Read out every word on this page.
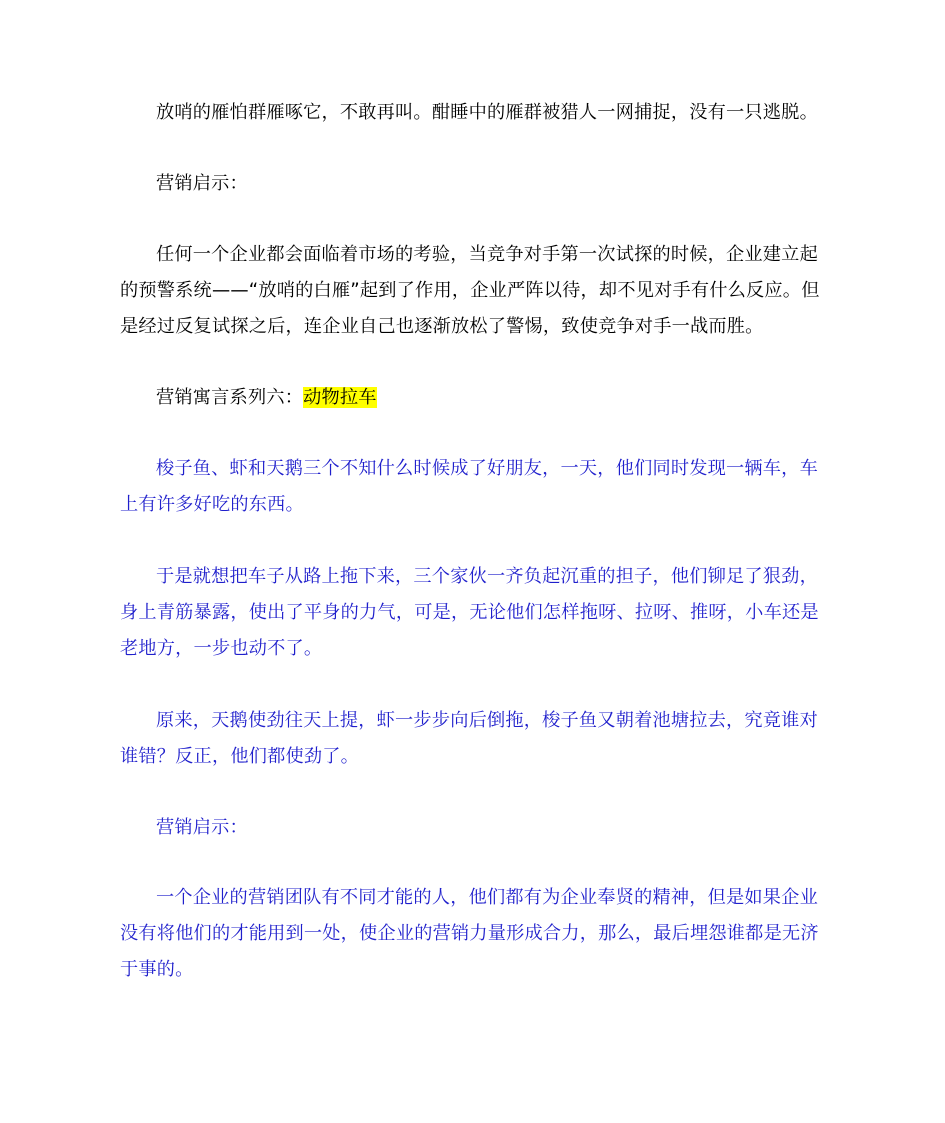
放哨的雁怕群雁啄它，不敢再叫。酣睡中的雁群被猎人一网捕捉，没有一只逃脱。

营销启示：

任何一个企业都会面临着市场的考验，当竞争对手第一次试探的时候，企业建立起的预警系统——“放哨的白雁”起到了作用，企业严阵以待，却不见对手有什么反应。但是经过反复试探之后，连企业自己也逐渐放松了警惕，致使竞争对手一战而胜。

营销寓言系列六：动物拉车

梭子鱼、虾和天鹅三个不知什么时候成了好朋友，一天，他们同时发现一辆车，车上有许多好吃的东西。

于是就想把车子从路上拖下来，三个家伙一齐负起沉重的担子，他们铆足了狠劲，身上青筋暴露，使出了平身的力气，可是，无论他们怎样拖呀、拉呀、推呀，小车还是老地方，一步也动不了。

原来，天鹅使劲往天上提，虾一步步向后倒拖，梭子鱼又朝着池塘拉去，究竟谁对谁错？反正，他们都使劲了。

营销启示：

一个企业的营销团队有不同才能的人，他们都有为企业奉贤的精神，但是如果企业没有将他们的才能用到一处，使企业的营销力量形成合力，那么，最后埋怨谁都是无济于事的。
